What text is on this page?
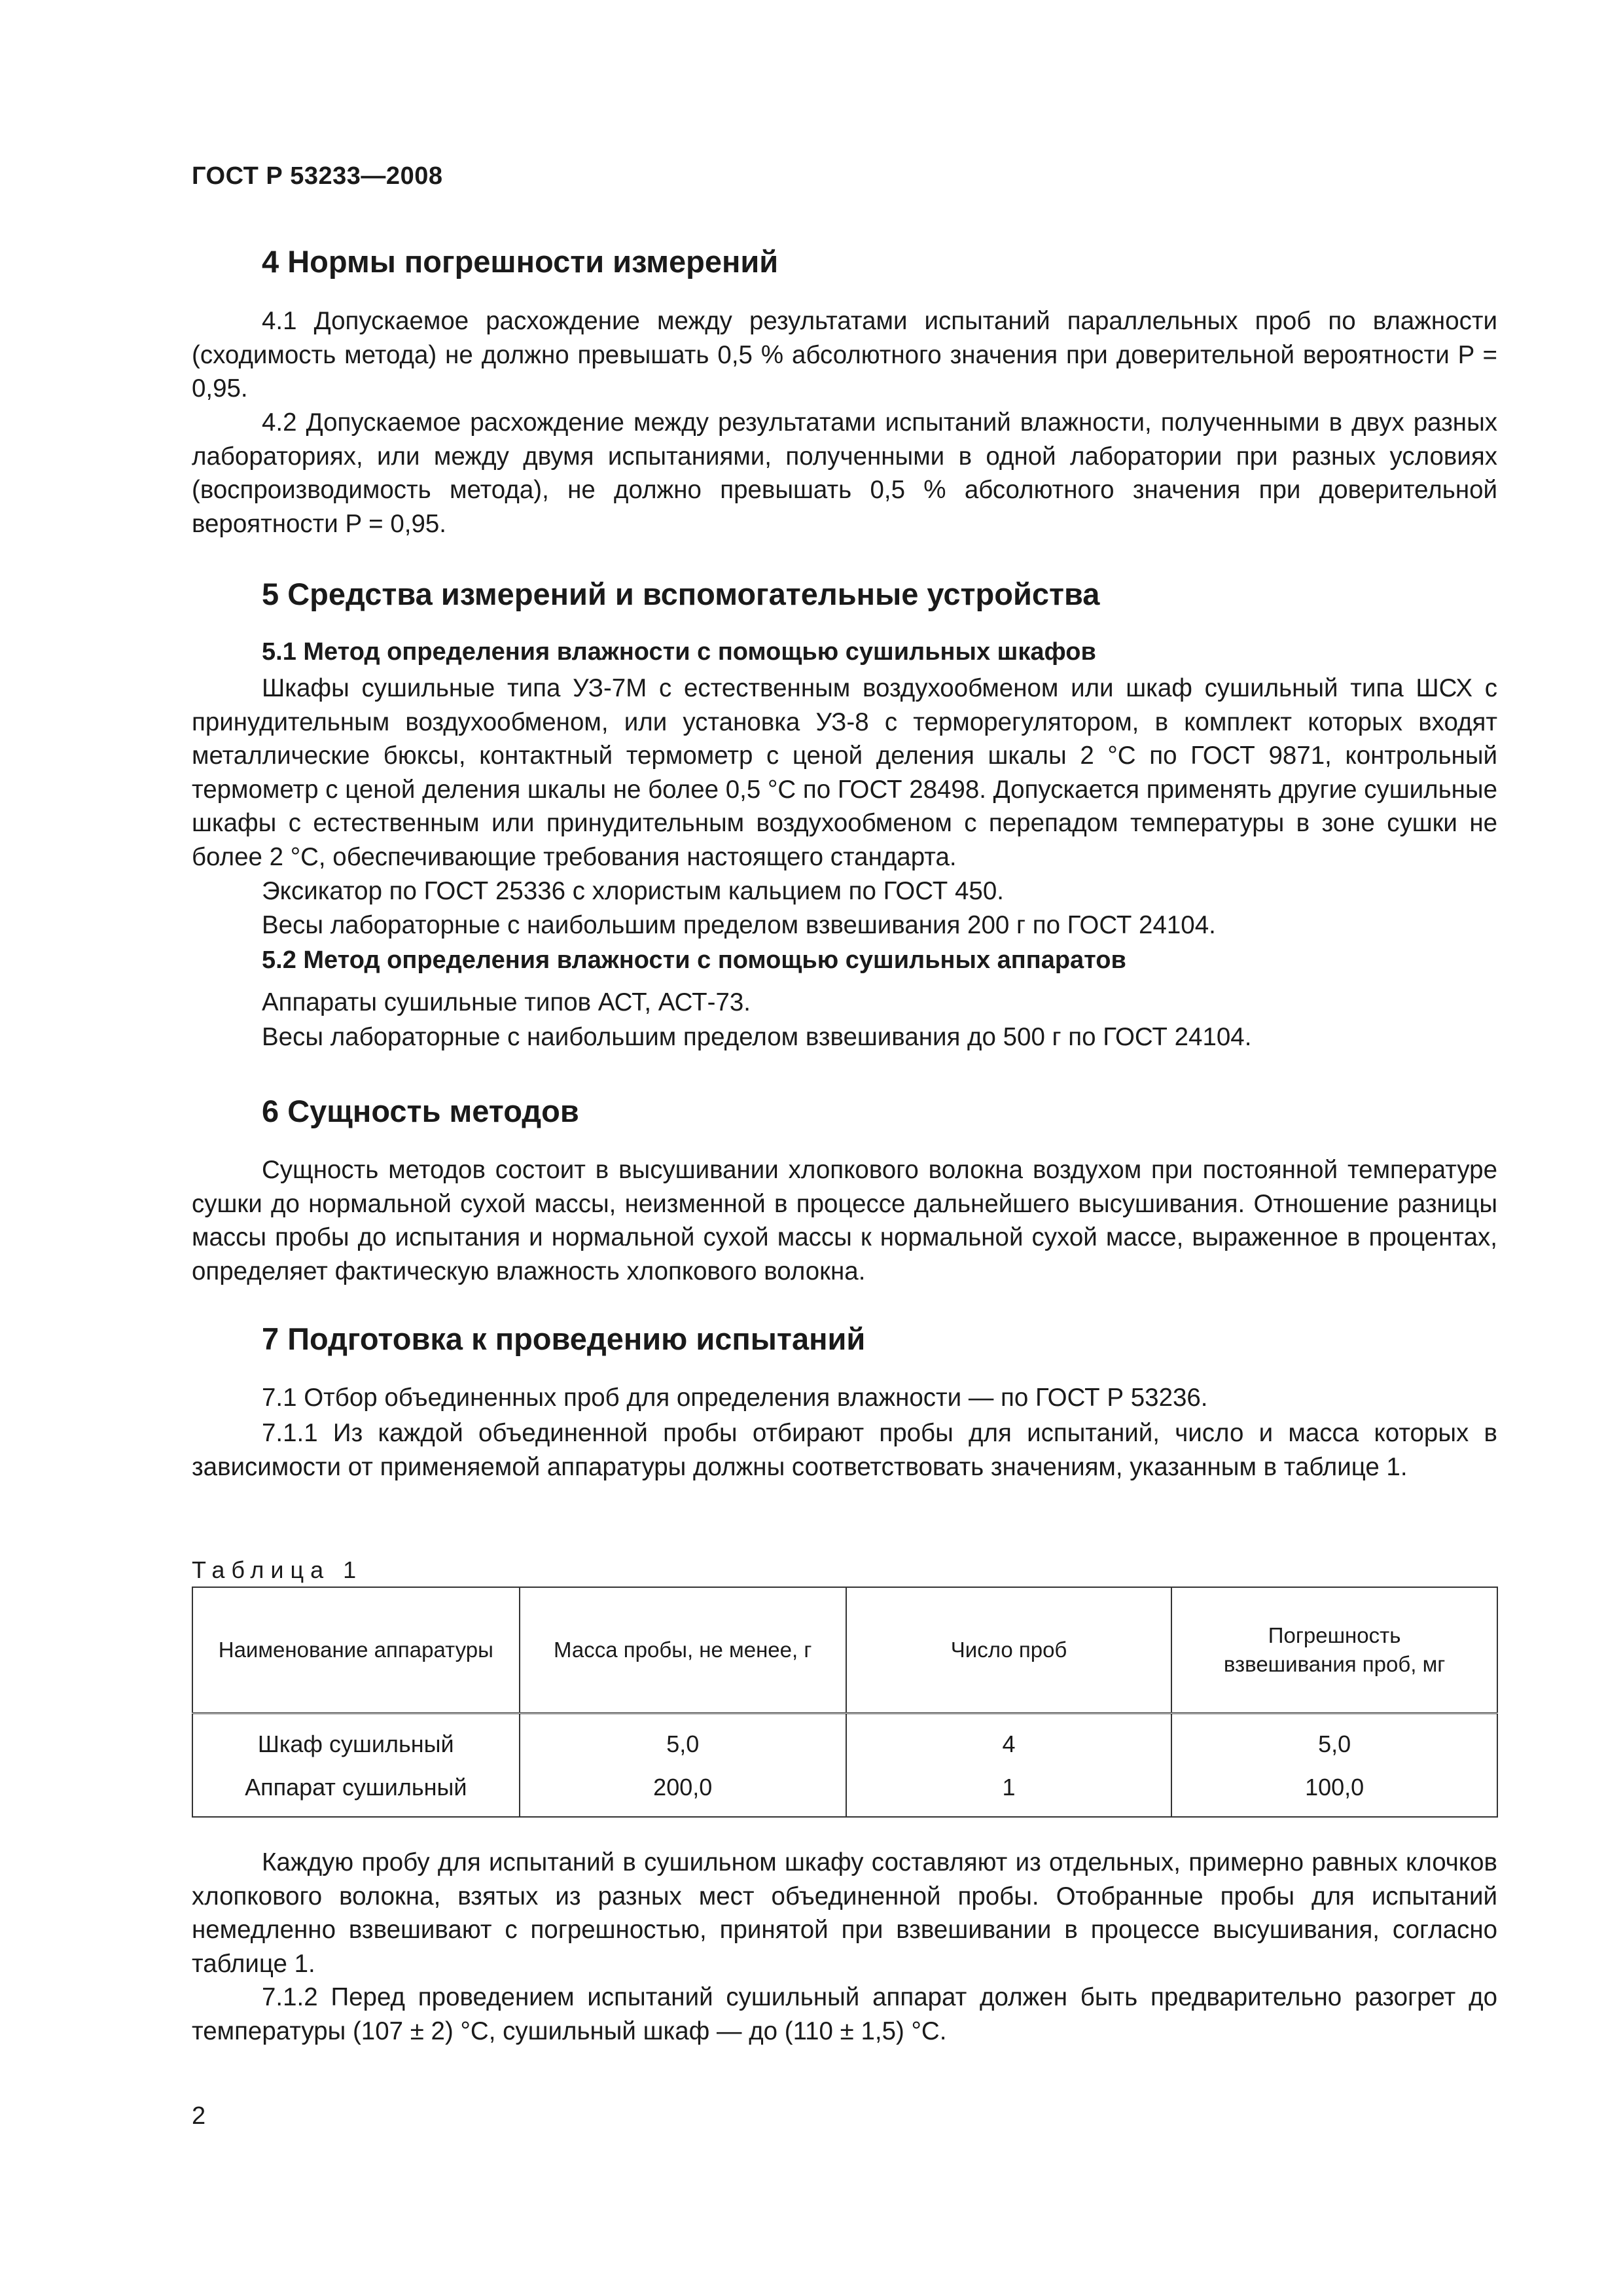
ГОСТ Р 53233—2008
4 Нормы погрешности измерений
4.1 Допускаемое расхождение между результатами испытаний параллельных проб по влажности (сходимость метода) не должно превышать 0,5 % абсолютного значения при доверительной вероятности P = 0,95.
4.2 Допускаемое расхождение между результатами испытаний влажности, полученными в двух разных лабораториях, или между двумя испытаниями, полученными в одной лаборатории при разных условиях (воспроизводимость метода), не должно превышать 0,5 % абсолютного значения при доверительной вероятности P = 0,95.
5 Средства измерений и вспомогательные устройства
5.1 Метод определения влажности с помощью сушильных шкафов
Шкафы сушильные типа УЗ-7М с естественным воздухообменом или шкаф сушильный типа ШСХ с принудительным воздухообменом, или установка УЗ-8 с терморегулятором, в комплект которых входят металлические бюксы, контактный термометр с ценой деления шкалы 2 °С по ГОСТ 9871, контрольный термометр с ценой деления шкалы не более 0,5 °С по ГОСТ 28498. Допускается применять другие сушильные шкафы с естественным или принудительным воздухообменом с перепадом температуры в зоне сушки не более 2 °С, обеспечивающие требования настоящего стандарта.
Эксикатор по ГОСТ 25336 с хлористым кальцием по ГОСТ 450.
Весы лабораторные с наибольшим пределом взвешивания 200 г по ГОСТ 24104.
5.2 Метод определения влажности с помощью сушильных аппаратов
Аппараты сушильные типов АСТ, АСТ-73.
Весы лабораторные с наибольшим пределом взвешивания до 500 г по ГОСТ 24104.
6 Сущность методов
Сущность методов состоит в высушивании хлопкового волокна воздухом при постоянной температуре сушки до нормальной сухой массы, неизменной в процессе дальнейшего высушивания. Отношение разницы массы пробы до испытания и нормальной сухой массы к нормальной сухой массе, выраженное в процентах, определяет фактическую влажность хлопкового волокна.
7 Подготовка к проведению испытаний
7.1 Отбор объединенных проб для определения влажности — по ГОСТ Р 53236.
7.1.1 Из каждой объединенной пробы отбирают пробы для испытаний, число и масса которых в зависимости от применяемой аппаратуры должны соответствовать значениям, указанным в таблице 1.
Таблица 1
Наименование аппаратуры	Масса пробы, не менее, г	Число проб	Погрешность взвешивания проб, мг

Шкаф сушильный	5,0	4	5,0
Аппарат сушильный	200,0	1	100,0
Каждую пробу для испытаний в сушильном шкафу составляют из отдельных, примерно равных клочков хлопкового волокна, взятых из разных мест объединенной пробы. Отобранные пробы для испытаний немедленно взвешивают с погрешностью, принятой при взвешивании в процессе высушивания, согласно таблице 1.
7.1.2 Перед проведением испытаний сушильный аппарат должен быть предварительно разогрет до температуры (107 ± 2) °С, сушильный шкаф — до (110 ± 1,5) °С.
2
